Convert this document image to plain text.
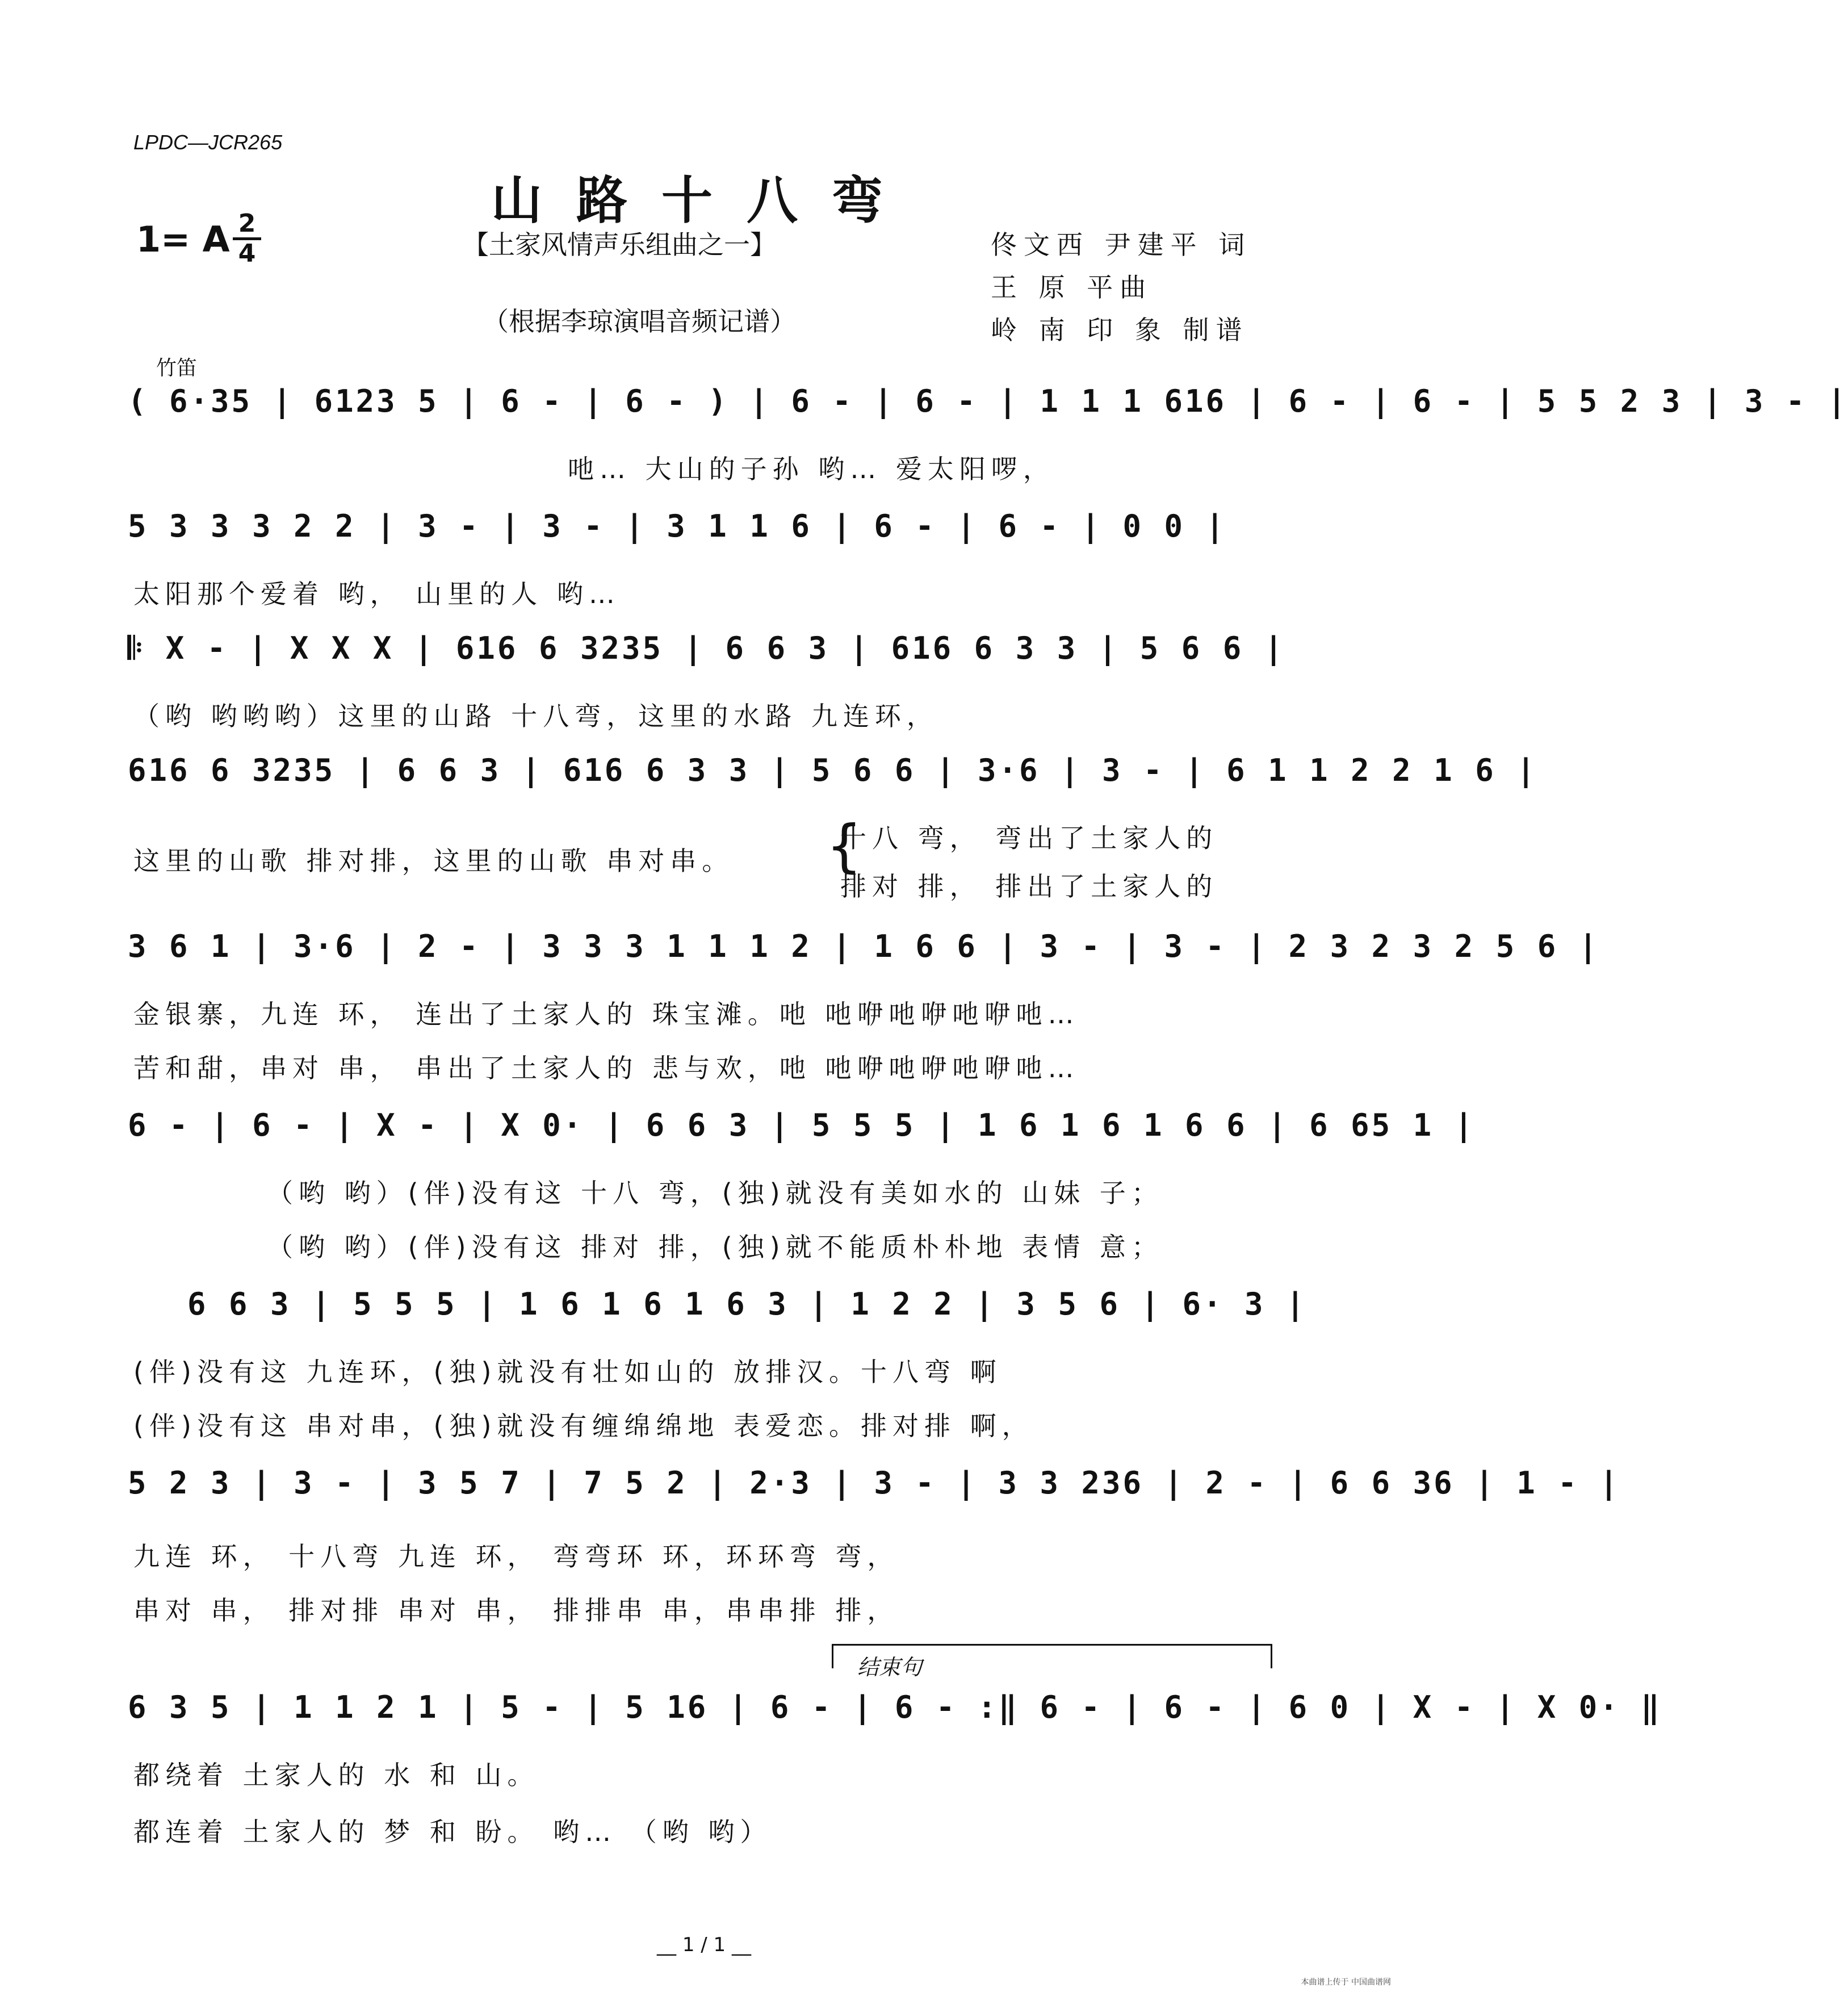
LPDC—JCR265
山路十八弯
1= A 2
4	【土家风情声乐组曲之一】
（根据李琼演唱音频记谱）
佟文西 尹建平 词
王 原 平曲
岭 南 印 象 制谱
竹笛
( 6·35 | 6123 5 | 6 - | 6 - ) | 6 - | 6 - | 1 1 1 616 | 6 - | 6 - | 5 5 2 3 | 3 - |
吔… 大山的子孙 哟… 爱太阳啰，
5 3 3 3 2 2 | 3 - | 3 - | 3 1 1 6 | 6 - | 6 - | 0 0 |
太阳那个爱着 哟， 山里的人 哟…
𝄆 X - | X X X | 616 6 3235 | 6 6 3 | 616 6 3 3 | 5 6 6 |
（哟 哟哟哟）这里的山路 十八弯，这里的水路 九连环，
616 6 3235 | 6 6 3 | 616 6 3 3 | 5 6 6 | 3·6 | 3 - | 6 1 1 2 2 1 6 |
这里的山歌 排对排，这里的山歌 串对串。
十八 弯， 弯出了土家人的
排对 排， 排出了土家人的
{
3 6 1 | 3·6 | 2 - | 3 3 3 1 1 1 2 | 1 6 6 | 3 - | 3 - | 2 3 2 3 2 5 6 |
金银寨，九连 环， 连出了土家人的 珠宝滩。吔 吔咿吔咿吔咿吔…
苦和甜，串对 串， 串出了土家人的 悲与欢，吔 吔咿吔咿吔咿吔…
6 - | 6 - | X - | X 0· | 6 6 3 | 5 5 5 | 1 6 1 6 1 6 6 | 6 65 1 |
（哟 哟）(伴)没有这 十八 弯，(独)就没有美如水的 山妹 子；
（哟 哟）(伴)没有这 排对 排，(独)就不能质朴朴地 表情 意；
6 6 3 | 5 5 5 | 1 6 1 6 1 6 3 | 1 2 2 | 3 5 6 | 6· 3 |
(伴)没有这 九连环，(独)就没有壮如山的 放排汉。十八弯 啊
(伴)没有这 串对串，(独)就没有缠绵绵地 表爱恋。排对排 啊，
5 2 3 | 3 - | 3 5 7 | 7 5 2 | 2·3 | 3 - | 3 3 236 | 2 - | 6 6 36 | 1 - |
九连 环， 十八弯 九连 环， 弯弯环 环，环环弯 弯，
串对 串， 排对排 串对 串， 排排串 串，串串排 排，
结束句
6 3 5 | 1 1 2 1 | 5 - | 5 16 | 6 - | 6 - :‖ 6 - | 6 - | 6 0 | X - | X 0· ‖
都绕着 土家人的 水 和 山。
都连着 土家人的 梦 和 盼。 哟… （哟 哟）
__ 1 / 1 __
本曲谱上传于 中国曲谱网
